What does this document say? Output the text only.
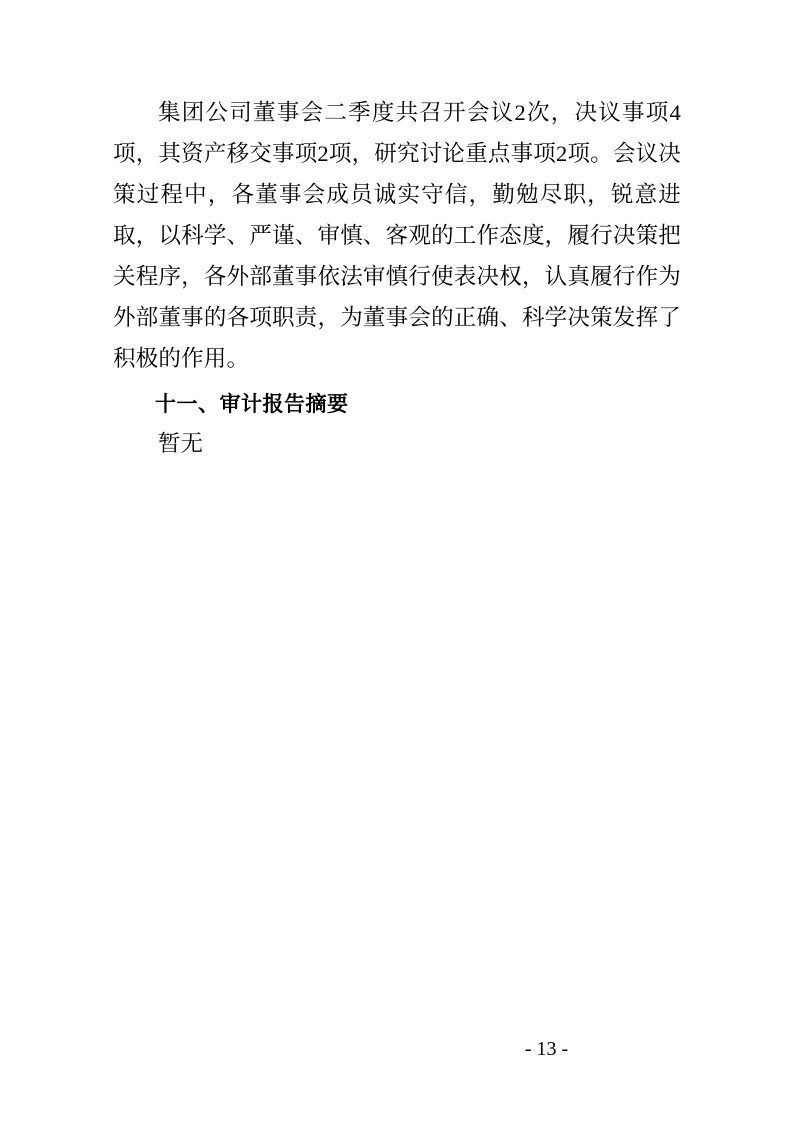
集团公司董事会二季度共召开会议2次，决议事项4项，其资产移交事项2项，研究讨论重点事项2项。会议决策过程中，各董事会成员诚实守信，勤勉尽职，锐意进取，以科学、严谨、审慎、客观的工作态度，履行决策把关程序，各外部董事依法审慎行使表决权，认真履行作为外部董事的各项职责，为董事会的正确、科学决策发挥了积极的作用。

十一、审计报告摘要

暂无

- 13 -
